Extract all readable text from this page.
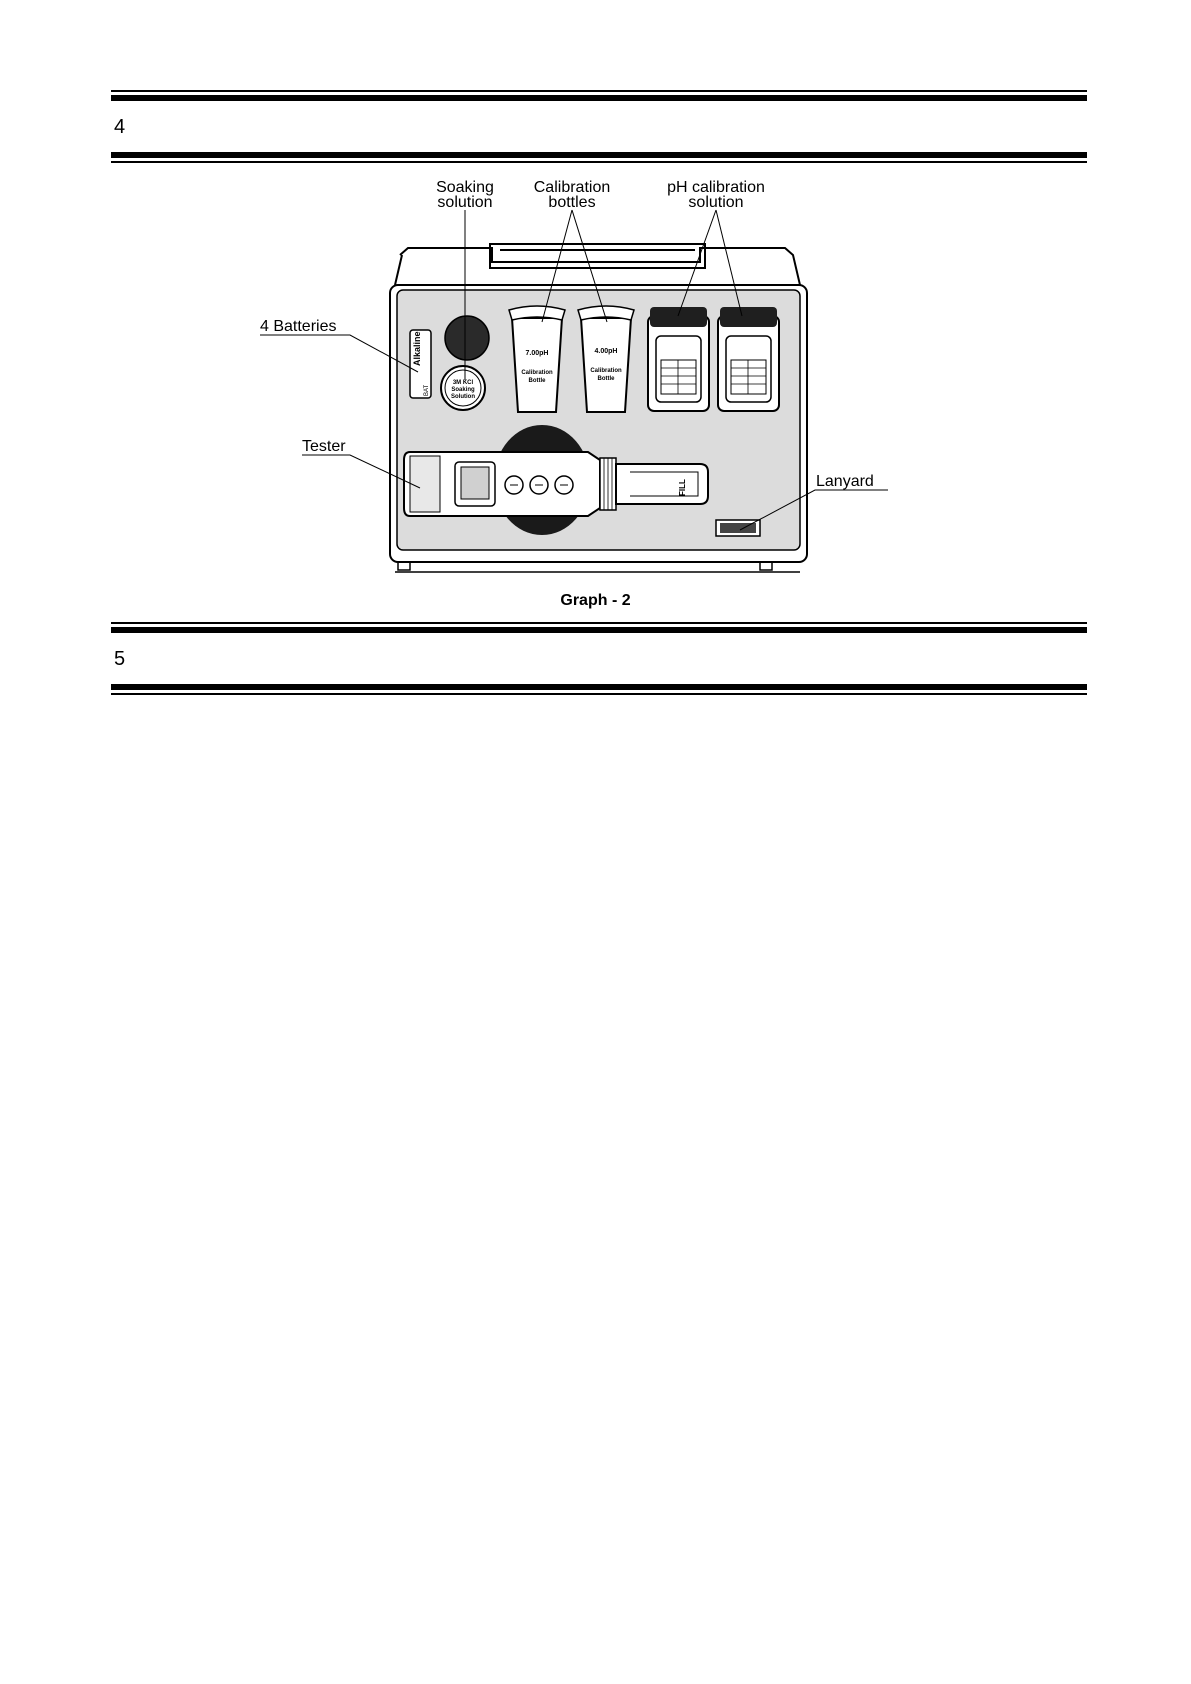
4
Soaking
solution
Calibration
bottles
pH calibration
solution
Alkaline
BAT
3M KCl
Soaking
Solution
7.00pH
Calibration
Bottle
4.00pH
Calibration
Bottle
FILL
4 Batteries
Tester
Lanyard
Graph - 2
5
